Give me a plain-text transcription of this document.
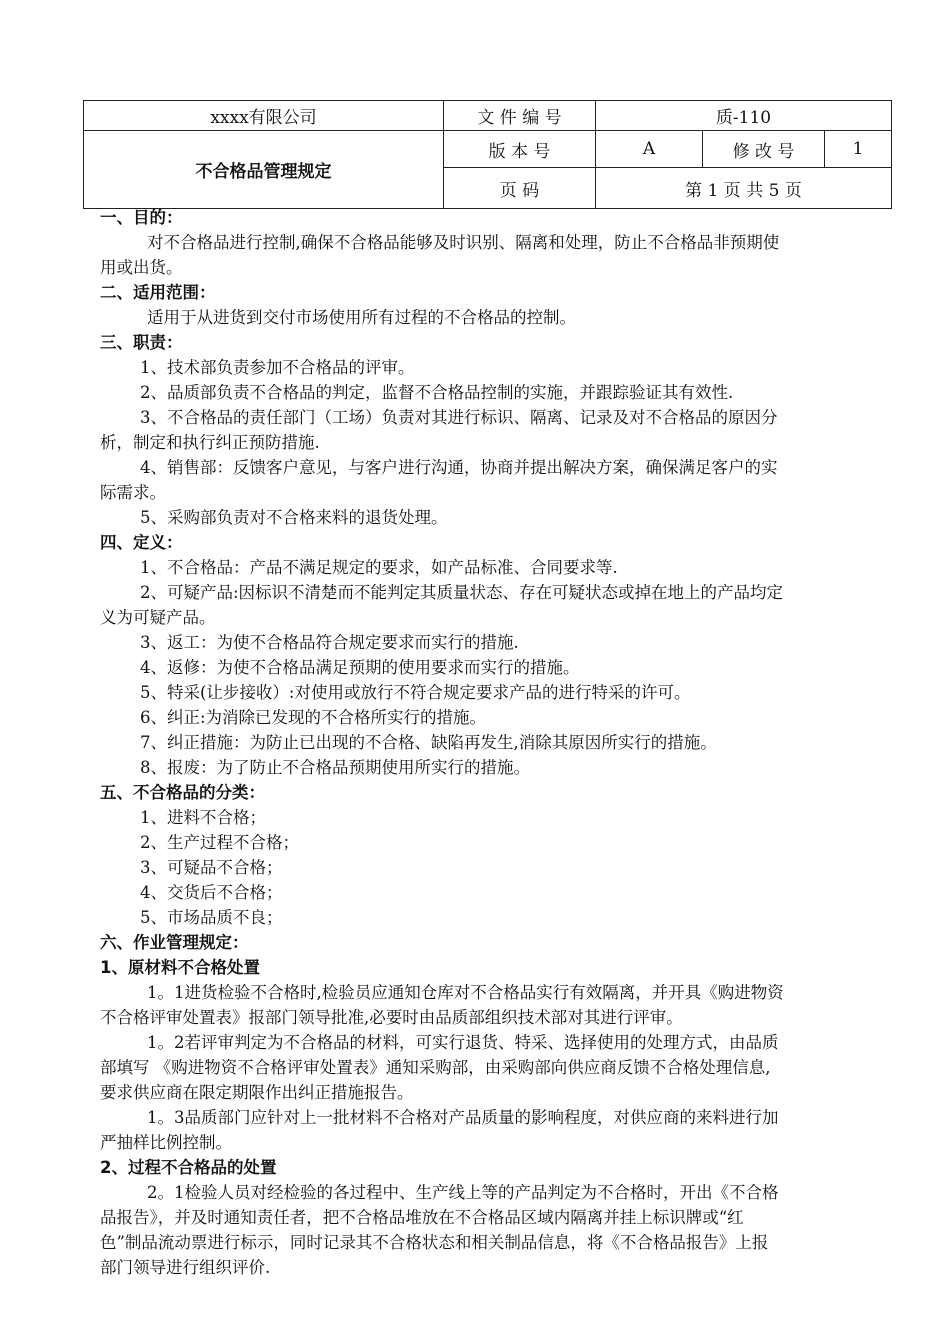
xxxx有限公司	文 件 编 号	质-110		
不合格品管理规定	版 本 号	A	修 改 号	1
	页 码	第 1 页 共 5 页		

一、目的：

对不合格品进行控制,确保不合格品能够及时识别、隔离和处理，防止不合格品非预期使

用或出货。

二、适用范围：

适用于从进货到交付市场使用所有过程的不合格品的控制。

三、职责：

1、技术部负责参加不合格品的评审。

2、品质部负责不合格品的判定，监督不合格品控制的实施，并跟踪验证其有效性.

3、不合格品的责任部门（工场）负责对其进行标识、隔离、记录及对不合格品的原因分

析，制定和执行纠正预防措施.

4、销售部：反馈客户意见，与客户进行沟通，协商并提出解决方案，确保满足客户的实

际需求。

5、采购部负责对不合格来料的退货处理。

四、定义：

1、不合格品：产品不满足规定的要求，如产品标准、合同要求等.

2、可疑产品:因标识不清楚而不能判定其质量状态、存在可疑状态或掉在地上的产品均定

义为可疑产品。

3、返工：为使不合格品符合规定要求而实行的措施.

4、返修：为使不合格品满足预期的使用要求而实行的措施。

5、特采(让步接收）:对使用或放行不符合规定要求产品的进行特采的许可。

6、纠正:为消除已发现的不合格所实行的措施。

7、纠正措施：为防止已出现的不合格、缺陷再发生,消除其原因所实行的措施。

8、报废：为了防止不合格品预期使用所实行的措施。

五、不合格品的分类：

1、进料不合格；

2、生产过程不合格；

3、可疑品不合格；

4、交货后不合格；

5、市场品质不良；

六、作业管理规定：

1、原材料不合格处置

1。1进货检验不合格时,检验员应通知仓库对不合格品实行有效隔离，并开具《购进物资

不合格评审处置表》报部门领导批准,必要时由品质部组织技术部对其进行评审。

1。2若评审判定为不合格品的材料，可实行退货、特采、选择使用的处理方式，由品质

部填写 《购进物资不合格评审处置表》通知采购部，由采购部向供应商反馈不合格处理信息,

要求供应商在限定期限作出纠正措施报告。

1。3品质部门应针对上一批材料不合格对产品质量的影响程度，对供应商的来料进行加

严抽样比例控制。

2、过程不合格品的处置

2。1检验人员对经检验的各过程中、生产线上等的产品判定为不合格时，开出《不合格

品报告》，并及时通知责任者，把不合格品堆放在不合格品区域内隔离并挂上标识牌或“红

色”制品流动票进行标示，同时记录其不合格状态和相关制品信息，将《不合格品报告》上报

部门领导进行组织评价.
